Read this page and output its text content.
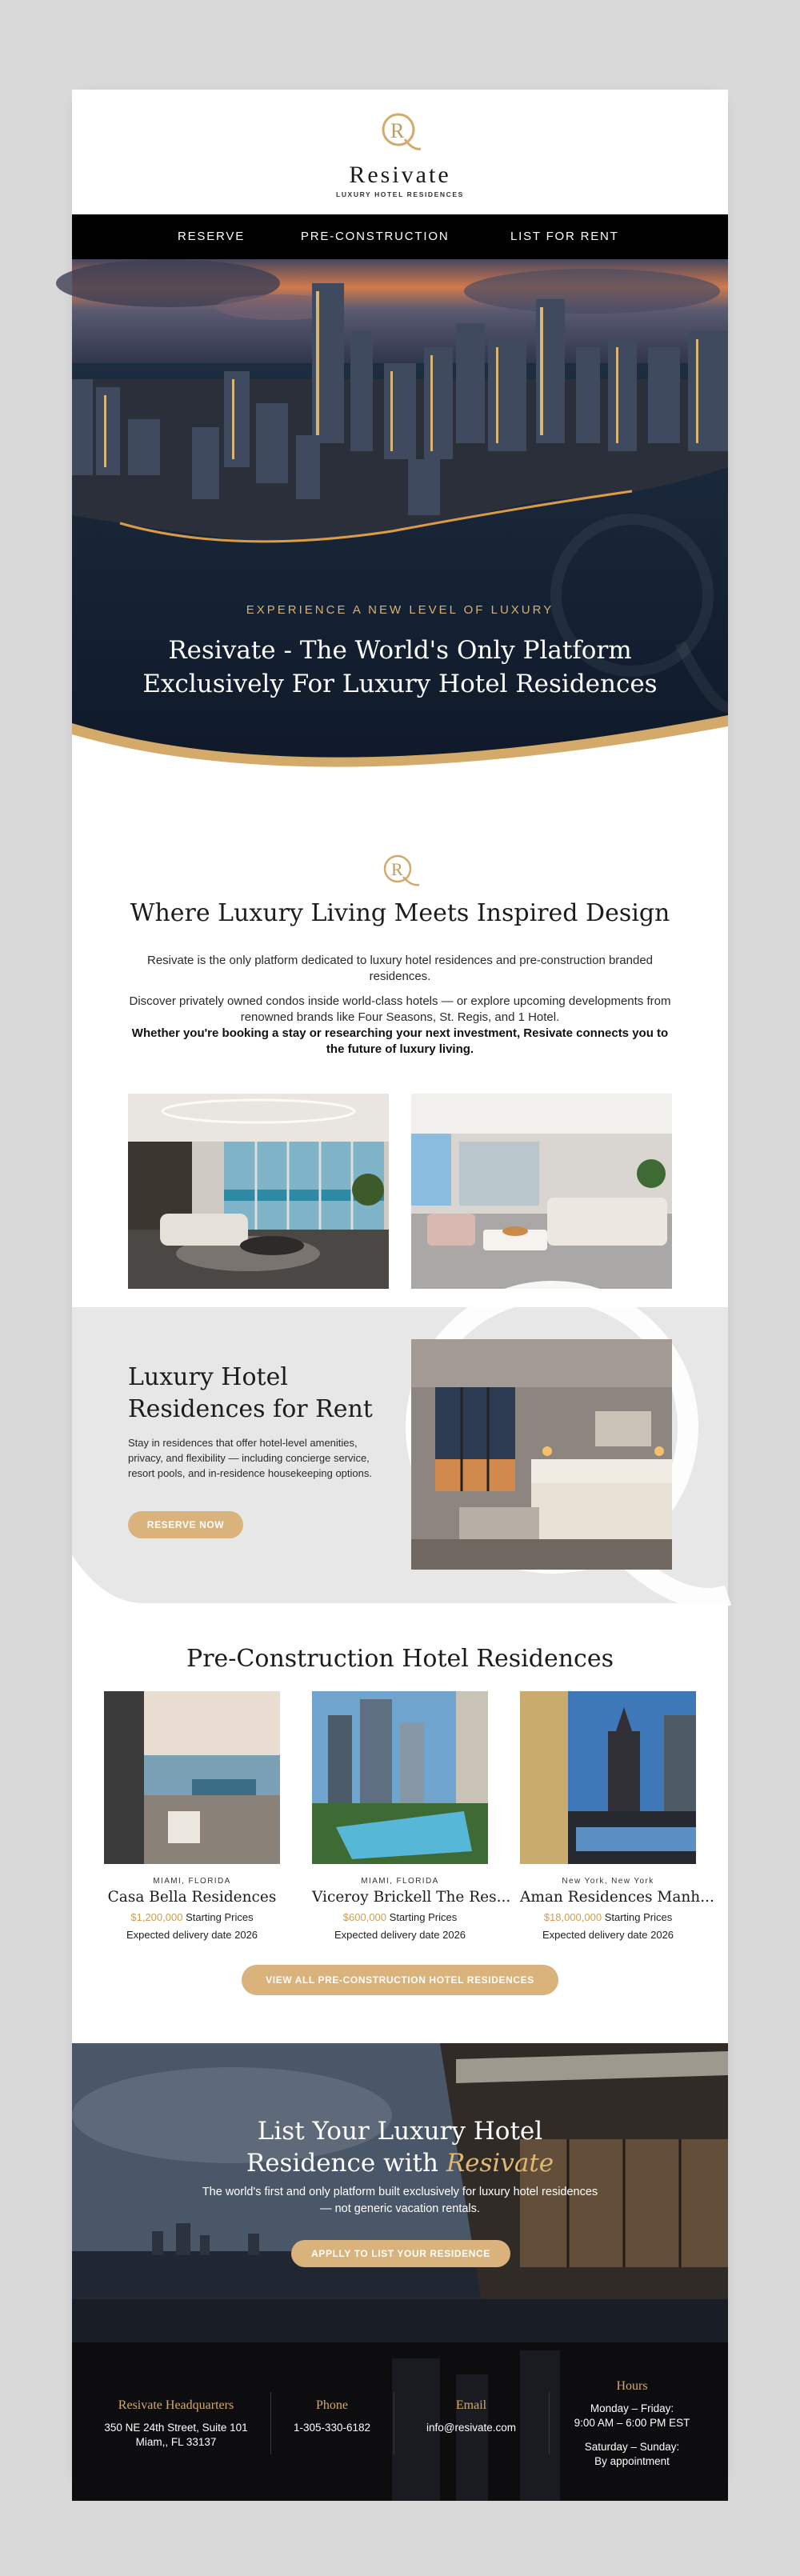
R
Resivate
LUXURY HOTEL RESIDENCES
RESERVE	PRE-CONSTRUCTION	LIST FOR RENT
EXPERIENCE A NEW LEVEL OF LUXURY
Resivate - The World's Only Platform
Exclusively For Luxury Hotel Residences
R
Where Luxury Living Meets Inspired Design

Resivate is the only platform dedicated to luxury hotel residences and pre-construction branded residences.

Discover privately owned condos inside world-class hotels — or explore upcoming developments from renowned brands like Four Seasons, St. Regis, and 1 Hotel.

Whether you're booking a stay or researching your next investment, Resivate connects you to the future of luxury living.

Luxury Hotel
Residences for Rent

Stay in residences that offer hotel-level amenities, privacy, and flexibility — including concierge service, resort pools, and in-residence housekeeping options.

RESERVE NOW
Pre-Construction Hotel Residences
MIAMI, FLORIDA
Casa Bella Residences
$1,200,000 Starting Prices
Expected delivery date 2026
MIAMI, FLORIDA
Viceroy Brickell The Res...
$600,000 Starting Prices
Expected delivery date 2026
New York, New York
Aman Residences Manh...
$18,000,000 Starting Prices
Expected delivery date 2026
VIEW ALL PRE-CONSTRUCTION HOTEL RESIDENCES
List Your Luxury Hotel
Residence with Resivate

The world's first and only platform built exclusively for luxury hotel residences — not generic vacation rentals.

APPLLY TO LIST YOUR RESIDENCE
Resivate Headquarters
350 NE 24th Street, Suite 101
Miam,, FL 33137
Phone
1-305-330-6182
Email
info@resivate.com
Hours
Monday – Friday:
9:00 AM – 6:00 PM EST
Saturday – Sunday:
By appointment
